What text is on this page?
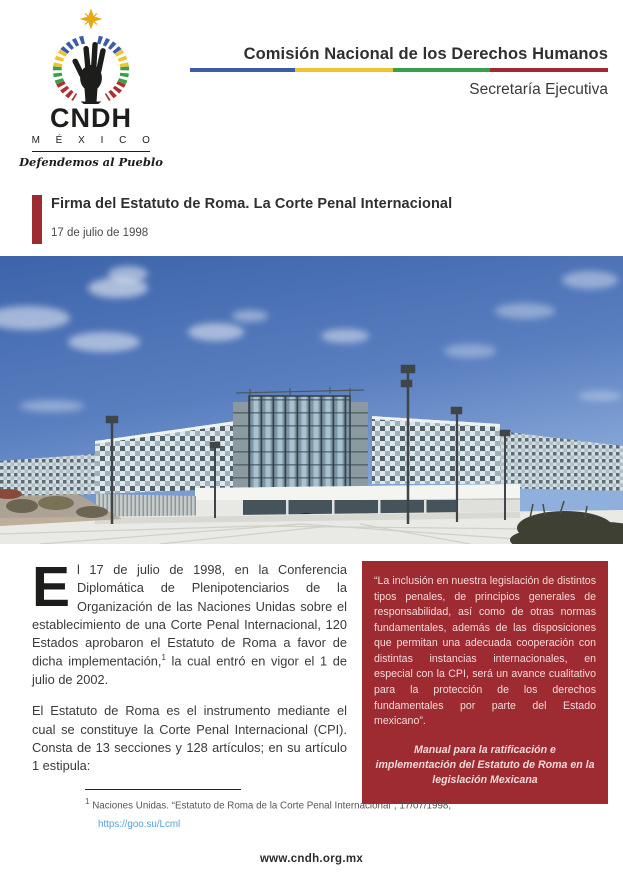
CNDH
M É X I C O
Defendemos al Pueblo
Comisión Nacional de los Derechos Humanos
Secretaría Ejecutiva
Firma del Estatuto de Roma. La Corte Penal Internacional
17 de julio de 1998

El 17 de julio de 1998, en la Conferencia Diplomática de Plenipotenciarios de la Organización de las Naciones Unidas sobre el establecimiento de una Corte Penal Internacional, 120 Estados aprobaron el Estatuto de Roma a favor de dicha implementación,$^1$ la cual entró en vigor el 1 de julio de 2002.

El Estatuto de Roma es el instrumento mediante el cual se constituye la Corte Penal Internacional (CPI). Consta de 13 secciones y 128 artículos; en su artículo 1 estipula:

“La inclusión en nuestra legislación de distintos tipos penales, de principios generales de responsabilidad, así como de otras normas fundamentales, además de las disposiciones que permitan una adecuada cooperación con distintas instancias internacionales, en especial con la CPI, será un avance cualitativo para la protección de los derechos fundamentales por parte del Estado mexicano”.
Manual para la ratificación e implementación del Estatuto de Roma en la legislación Mexicana
$^1$ Naciones Unidas. “Estatuto de Roma de la Corte Penal Internacional”, 17/07/1998,
https://goo.su/Lcml
www.cndh.org.mx
